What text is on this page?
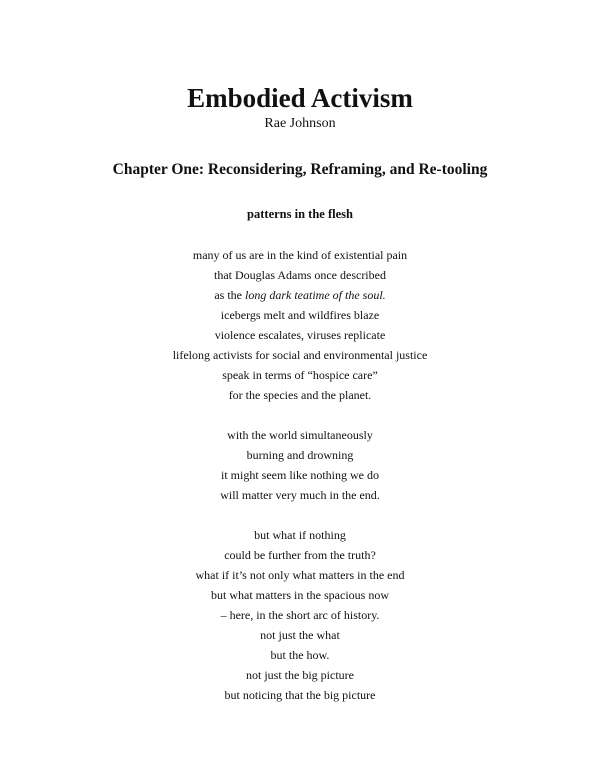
Embodied Activism
Rae Johnson
Chapter One: Reconsidering, Reframing, and Re-tooling
patterns in the flesh
many of us are in the kind of existential pain
that Douglas Adams once described
as the long dark teatime of the soul.
icebergs melt and wildfires blaze
violence escalates, viruses replicate
lifelong activists for social and environmental justice
speak in terms of “hospice care”
for the species and the planet.
with the world simultaneously
burning and drowning
it might seem like nothing we do
will matter very much in the end.
but what if nothing
could be further from the truth?
what if it’s not only what matters in the end
but what matters in the spacious now
– here, in the short arc of history.
not just the what
but the how.
not just the big picture
but noticing that the big picture
